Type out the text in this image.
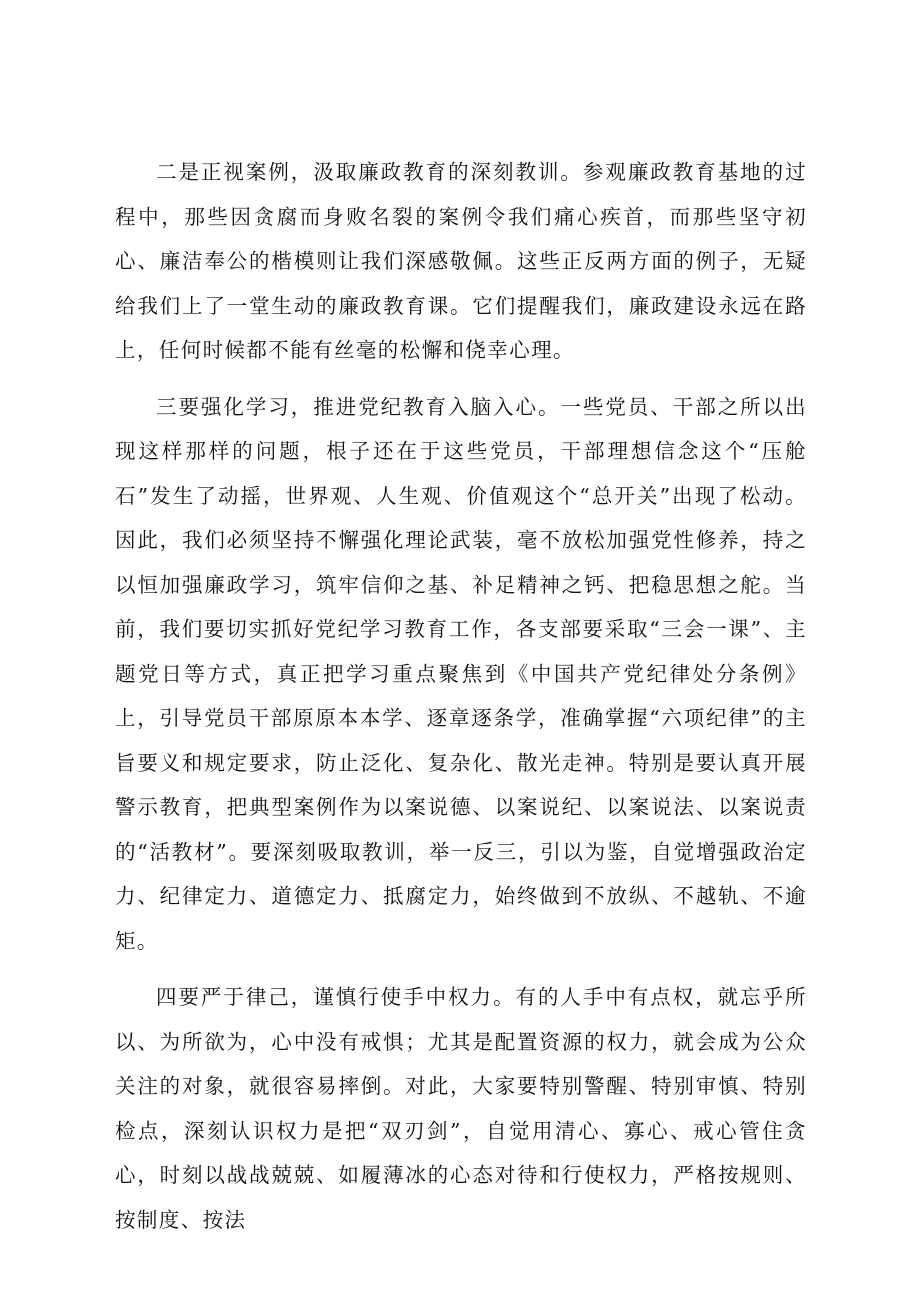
二是正视案例，汲取廉政教育的深刻教训。参观廉政教育基地的过程中，那些因贪腐而身败名裂的案例令我们痛心疾首，而那些坚守初心、廉洁奉公的楷模则让我们深感敬佩。这些正反两方面的例子，无疑给我们上了一堂生动的廉政教育课。它们提醒我们，廉政建设永远在路上，任何时候都不能有丝毫的松懈和侥幸心理。

三要强化学习，推进党纪教育入脑入心。一些党员、干部之所以出现这样那样的问题，根子还在于这些党员，干部理想信念这个“压舱石”发生了动摇，世界观、人生观、价值观这个“总开关”出现了松动。因此，我们必须坚持不懈强化理论武装，毫不放松加强党性修养，持之以恒加强廉政学习，筑牢信仰之基、补足精神之钙、把稳思想之舵。当前，我们要切实抓好党纪学习教育工作，各支部要采取“三会一课”、主题党日等方式，真正把学习重点聚焦到《中国共产党纪律处分条例》上，引导党员干部原原本本学、逐章逐条学，准确掌握“六项纪律”的主旨要义和规定要求，防止泛化、复杂化、散光走神。特别是要认真开展警示教育，把典型案例作为以案说德、以案说纪、以案说法、以案说责的“活教材”。要深刻吸取教训，举一反三，引以为鉴，自觉增强政治定力、纪律定力、道德定力、抵腐定力，始终做到不放纵、不越轨、不逾矩。

四要严于律己，谨慎行使手中权力。有的人手中有点权，就忘乎所以、为所欲为，心中没有戒惧；尤其是配置资源的权力，就会成为公众关注的对象，就很容易摔倒。对此，大家要特别警醒、特别审慎、特别检点，深刻认识权力是把“双刃剑”，自觉用清心、寡心、戒心管住贪心，时刻以战战兢兢、如履薄冰的心态对待和行使权力，严格按规则、按制度、按法
